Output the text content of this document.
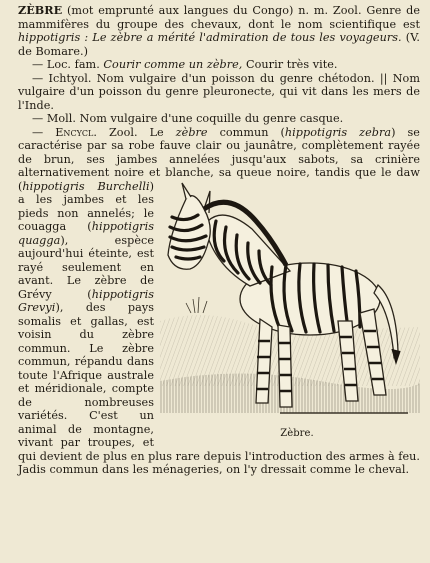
ZÈBRE (mot emprunté aux langues du Congo) n. m. Zool. Genre de mammifères du groupe des chevaux, dont le nom scientifique est hippotigris : Le zèbre a mérité l'admiration de tous les voyageurs. (V. de Bomare.)

— Loc. fam. Courir comme un zèbre, Courir très vite.

— Ichtyol. Nom vulgaire d'un poisson du genre chétodon. || Nom vulgaire d'un poisson du genre pleuronecte, qui vit dans les mers de l'Inde.

— Moll. Nom vulgaire d'une coquille du genre casque.

— Encycl. Zool. Le zèbre commun (hippotigris zebra) se caractérise par sa robe fauve clair ou jaunâtre, complètement rayée de brun, ses jambes annelées jusqu'aux sabots, sa crinière alternativement noire et blanche, sa queue noire, tandis que le daw (
Zèbre.
hippotigris Burchelli) a les jambes et les pieds non annelés; le couagga (hippotigris quagga), espèce aujourd'hui éteinte, est rayé seulement en avant. Le zèbre de Grévy (hippotigris Grevyi), des pays somalis et gallas, est voisin du zèbre commun. Le zèbre commun, répandu dans toute l'Afrique australe et méridionale, compte de nombreuses variétés. C'est un animal de montagne, vivant par troupes, et qui devient de plus en plus rare depuis l'introduction des armes à feu. Jadis commun dans les ménageries, on l'y dressait comme le cheval.
